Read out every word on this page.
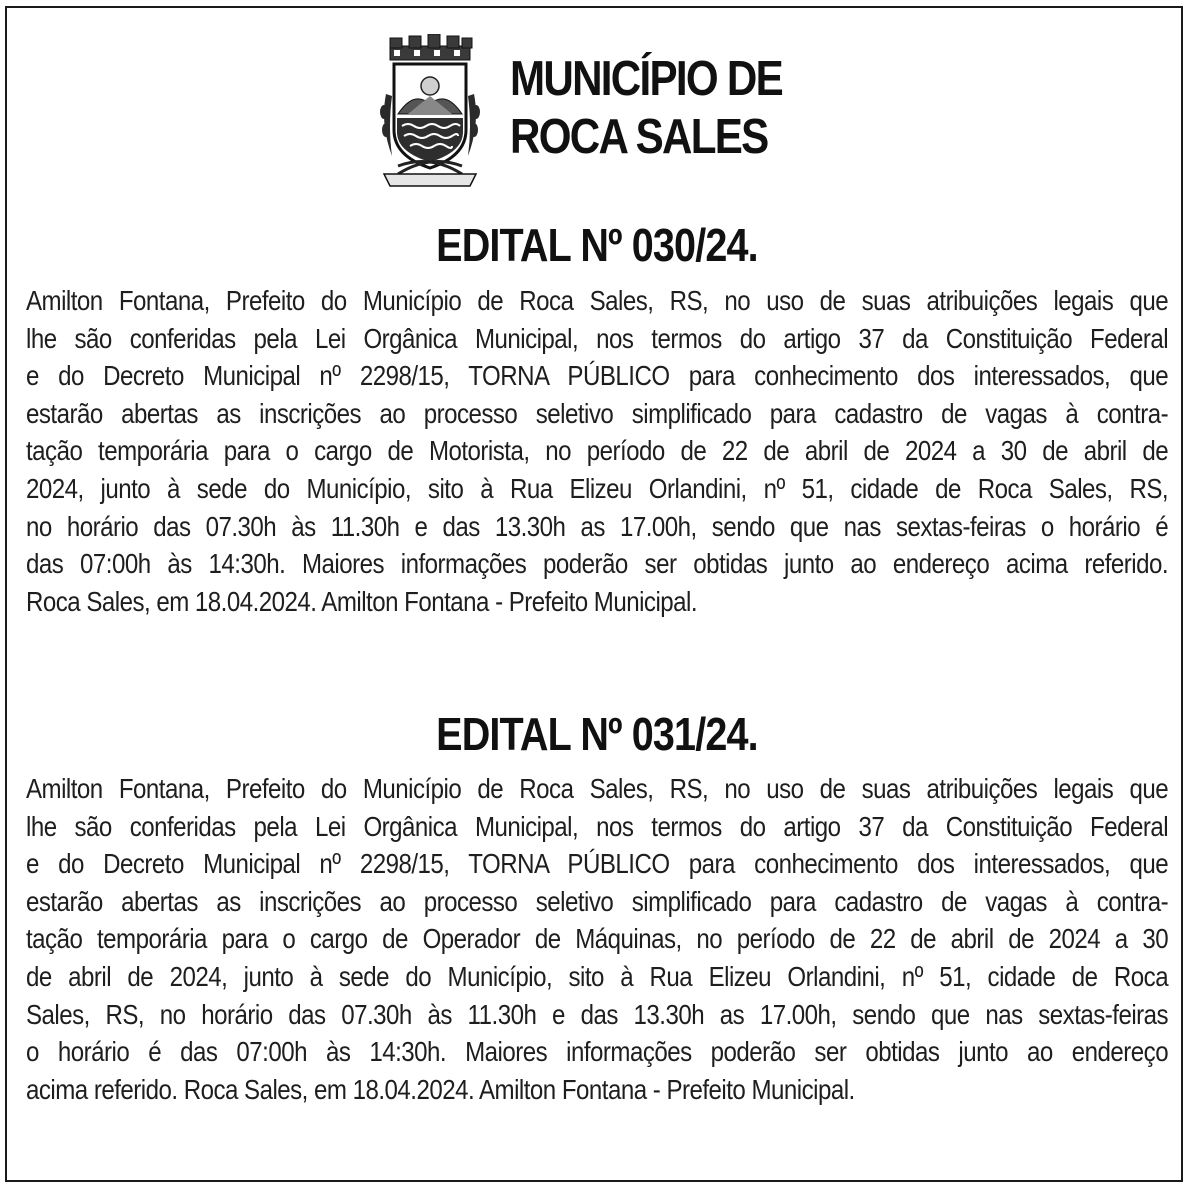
MUNICÍPIO DE
ROCA SALES
EDITAL Nº 030/24.
Amilton Fontana, Prefeito do Município de Roca Sales, RS, no uso de suas atribuições legais que
lhe são conferidas pela Lei Orgânica Municipal, nos termos do artigo 37 da Constituição Federal
e do Decreto Municipal nº 2298/15, TORNA PÚBLICO para conhecimento dos interessados, que
estarão abertas as inscrições ao processo seletivo simplificado para cadastro de vagas à contra-
tação temporária para o cargo de Motorista, no período de 22 de abril de 2024 a 30 de abril de
2024, junto à sede do Município, sito à Rua Elizeu Orlandini, nº 51, cidade de Roca Sales, RS,
no horário das 07.30h às 11.30h e das 13.30h as 17.00h, sendo que nas sextas-feiras o horário é
das 07:00h às 14:30h. Maiores informações poderão ser obtidas junto ao endereço acima referido.
Roca Sales, em 18.04.2024. Amilton Fontana - Prefeito Municipal.
EDITAL Nº 031/24.
Amilton Fontana, Prefeito do Município de Roca Sales, RS, no uso de suas atribuições legais que
lhe são conferidas pela Lei Orgânica Municipal, nos termos do artigo 37 da Constituição Federal
e do Decreto Municipal nº 2298/15, TORNA PÚBLICO para conhecimento dos interessados, que
estarão abertas as inscrições ao processo seletivo simplificado para cadastro de vagas à contra-
tação temporária para o cargo de Operador de Máquinas, no período de 22 de abril de 2024 a 30
de abril de 2024, junto à sede do Município, sito à Rua Elizeu Orlandini, nº 51, cidade de Roca
Sales, RS, no horário das 07.30h às 11.30h e das 13.30h as 17.00h, sendo que nas sextas-feiras
o horário é das 07:00h às 14:30h. Maiores informações poderão ser obtidas junto ao endereço
acima referido. Roca Sales, em 18.04.2024. Amilton Fontana - Prefeito Municipal.
